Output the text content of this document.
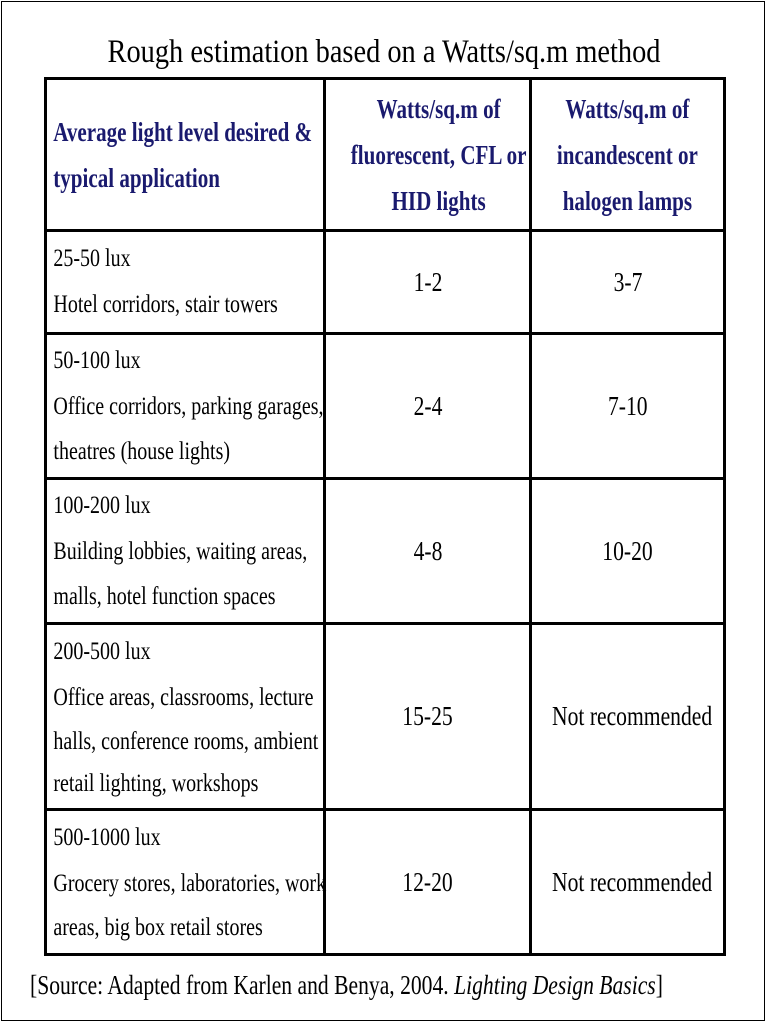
Rough estimation based on a Watts/sq.m method
Average light level desired &
typical application	Watts/sq.m of
fluorescent, CFL or
HID lights	Watts/sq.m of
incandescent or
halogen lamps

25-50 lux
Hotel corridors, stair towers	1-2	3-7

50-100 lux
Office corridors, parking garages,
theatres (house lights)	2-4	7-10

100-200 lux
Building lobbies, waiting areas,
malls, hotel function spaces	4-8	10-20

200-500 lux
Office areas, classrooms, lecture
halls, conference rooms, ambient
retail lighting, workshops	15-25	Not recommended

500-1000 lux
Grocery stores, laboratories, work
areas, big box retail stores	12-20	Not recommended
[Source: Adapted from Karlen and Benya, 2004. Lighting Design Basics]
